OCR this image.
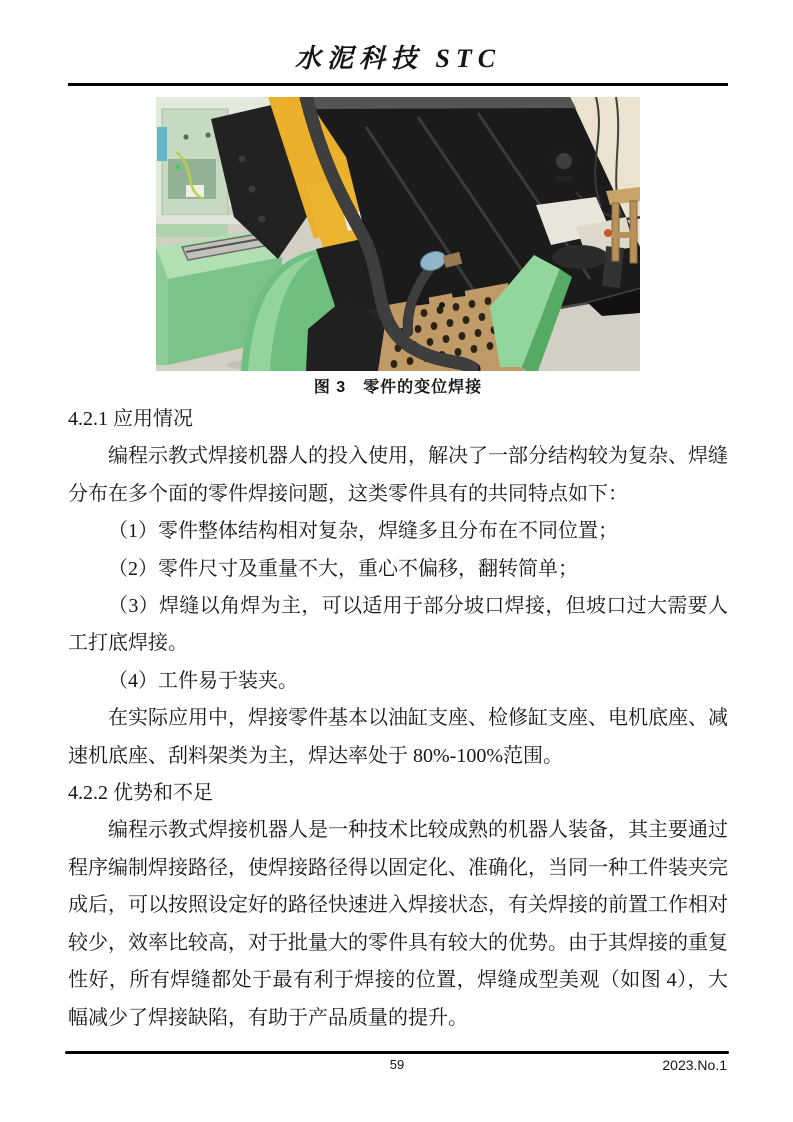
水泥科技 STC
图 3　零件的变位焊接
4.2.1 应用情况

编程示教式焊接机器人的投入使用，解决了一部分结构较为复杂、焊缝分布在多个面的零件焊接问题，这类零件具有的共同特点如下：

（1）零件整体结构相对复杂，焊缝多且分布在不同位置；

（2）零件尺寸及重量不大，重心不偏移，翻转简单；

（3）焊缝以角焊为主，可以适用于部分坡口焊接，但坡口过大需要人工打底焊接。

（4）工件易于装夹。

在实际应用中，焊接零件基本以油缸支座、检修缸支座、电机底座、减速机底座、刮料架类为主，焊达率处于 80%-100%范围。

4.2.2 优势和不足

编程示教式焊接机器人是一种技术比较成熟的机器人装备，其主要通过程序编制焊接路径，使焊接路径得以固定化、准确化，当同一种工件装夹完成后，可以按照设定好的路径快速进入焊接状态，有关焊接的前置工作相对较少，效率比较高，对于批量大的零件具有较大的优势。由于其焊接的重复性好，所有焊缝都处于最有利于焊接的位置，焊缝成型美观（如图 4），大幅减少了焊接缺陷，有助于产品质量的提升。

59	2023.No.1
